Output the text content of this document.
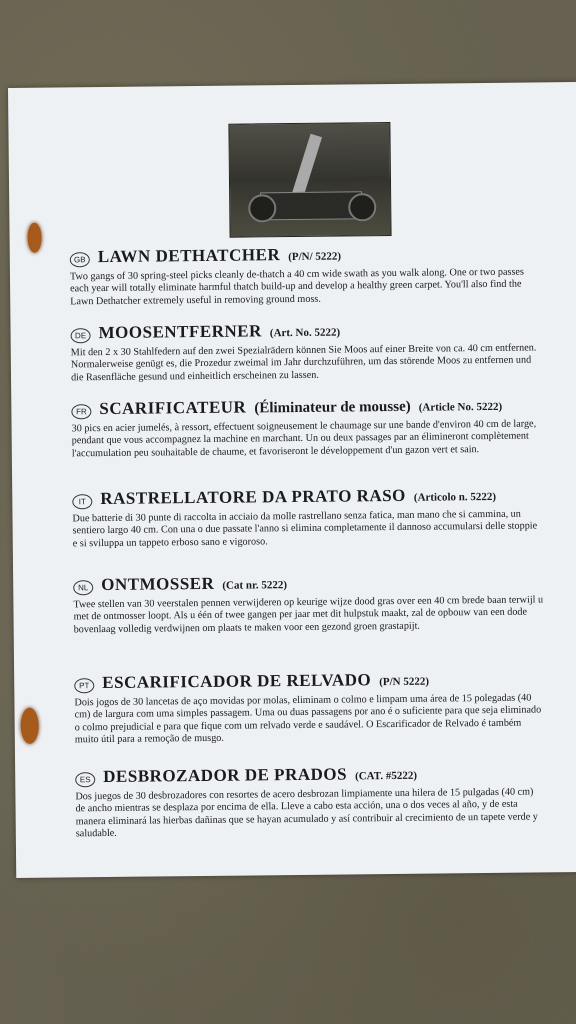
GB LAWN DETHATCHER (P/N/ 5222)
Two gangs of 30 spring-steel picks cleanly de-thatch a 40 cm wide swath as you walk along. One or two passes each year will totally eliminate harmful thatch build-up and develop a healthy green carpet. You'll also find the Lawn Dethatcher extremely useful in removing ground moss.
DE MOOSENTFERNER (Art. No. 5222)
Mit den 2 x 30 Stahlfedern auf den zwei Spezialrädern können Sie Moos auf einer Breite von ca. 40 cm entfernen. Normalerweise genügt es, die Prozedur zweimal im Jahr durchzuführen, um das störende Moos zu entfernen und die Rasenfläche gesund und einheitlich erscheinen zu lassen.
FR SCARIFICATEUR (Éliminateur de mousse) (Article No. 5222)
30 pics en acier jumelés, à ressort, effectuent soigneusement le chaumage sur une bande d'environ 40 cm de large, pendant que vous accompagnez la machine en marchant. Un ou deux passages par an élimineront complètement l'accumulation peu souhaitable de chaume, et favoriseront le développement d'un gazon vert et sain.
IT RASTRELLATORE DA PRATO RASO (Articolo n. 5222)
Due batterie di 30 punte di raccolta in acciaio da molle rastrellano senza fatica, man mano che si cammina, un sentiero largo 40 cm. Con una o due passate l'anno si elimina completamente il dannoso accumularsi delle stoppie e si sviluppa un tappeto erboso sano e vigoroso.
NL ONTMOSSER (Cat nr. 5222)
Twee stellen van 30 veerstalen pennen verwijderen op keurige wijze dood gras over een 40 cm brede baan terwijl u met de ontmosser loopt. Als u één of twee gangen per jaar met dit hulpstuk maakt, zal de opbouw van een dode bovenlaag volledig verdwijnen om plaats te maken voor een gezond groen grastapijt.
PT ESCARIFICADOR DE RELVADO (P/N 5222)
Dois jogos de 30 lancetas de aço movidas por molas, eliminam o colmo e limpam uma área de 15 polegadas (40 cm) de largura com uma simples passagem. Uma ou duas passagens por ano é o suficiente para que seja eliminado o colmo prejudicial e para que fique com um relvado verde e saudável. O Escarificador de Relvado é também muito útil para a remoção de musgo.
ES DESBROZADOR DE PRADOS (CAT. #5222)
Dos juegos de 30 desbrozadores con resortes de acero desbrozan limpiamente una hilera de 15 pulgadas (40 cm) de ancho mientras se desplaza por encima de ella. Lleve a cabo esta acción, una o dos veces al año, y de esta manera eliminará las hierbas dañinas que se hayan acumulado y así contribuir al crecimiento de un tapete verde y saludable.
